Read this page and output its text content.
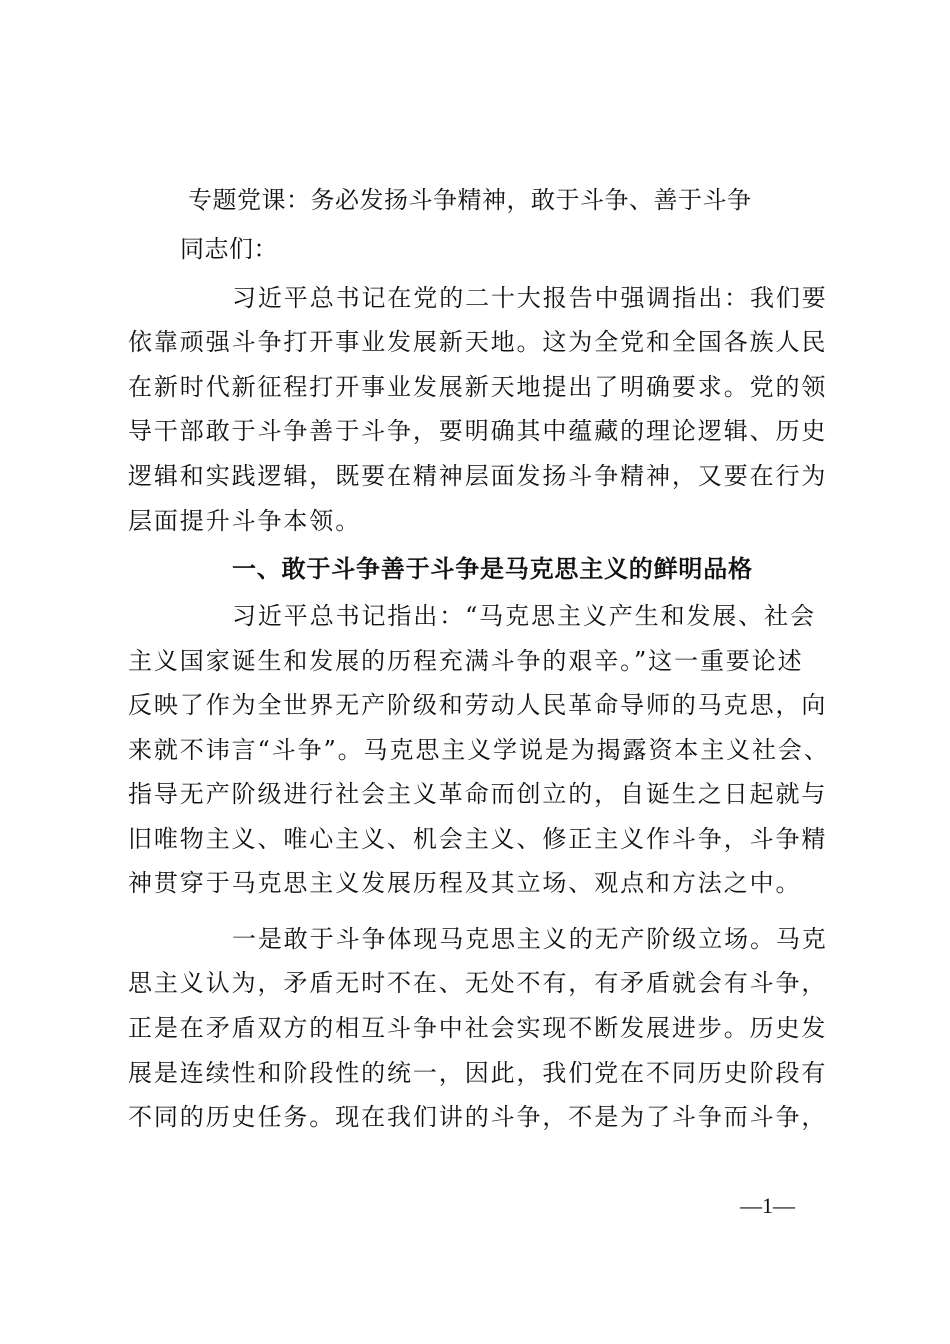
专题党课：务必发扬斗争精神，敢于斗争、善于斗争
同志们：
习近平总书记在党的二十大报告中强调指出：我们要
依靠顽强斗争打开事业发展新天地。这为全党和全国各族人民
在新时代新征程打开事业发展新天地提出了明确要求。党的领
导干部敢于斗争善于斗争，要明确其中蕴藏的理论逻辑、历史
逻辑和实践逻辑，既要在精神层面发扬斗争精神，又要在行为
层面提升斗争本领。
一、敢于斗争善于斗争是马克思主义的鲜明品格
习近平总书记指出：“马克思主义产生和发展、社会
主义国家诞生和发展的历程充满斗争的艰辛。”这一重要论述
反映了作为全世界无产阶级和劳动人民革命导师的马克思，向
来就不讳言“斗争”。马克思主义学说是为揭露资本主义社会、
指导无产阶级进行社会主义革命而创立的，自诞生之日起就与
旧唯物主义、唯心主义、机会主义、修正主义作斗争，斗争精
神贯穿于马克思主义发展历程及其立场、观点和方法之中。
一是敢于斗争体现马克思主义的无产阶级立场。马克
思主义认为，矛盾无时不在、无处不有，有矛盾就会有斗争，
正是在矛盾双方的相互斗争中社会实现不断发展进步。历史发
展是连续性和阶段性的统一，因此，我们党在不同历史阶段有
不同的历史任务。现在我们讲的斗争，不是为了斗争而斗争，
—1—
